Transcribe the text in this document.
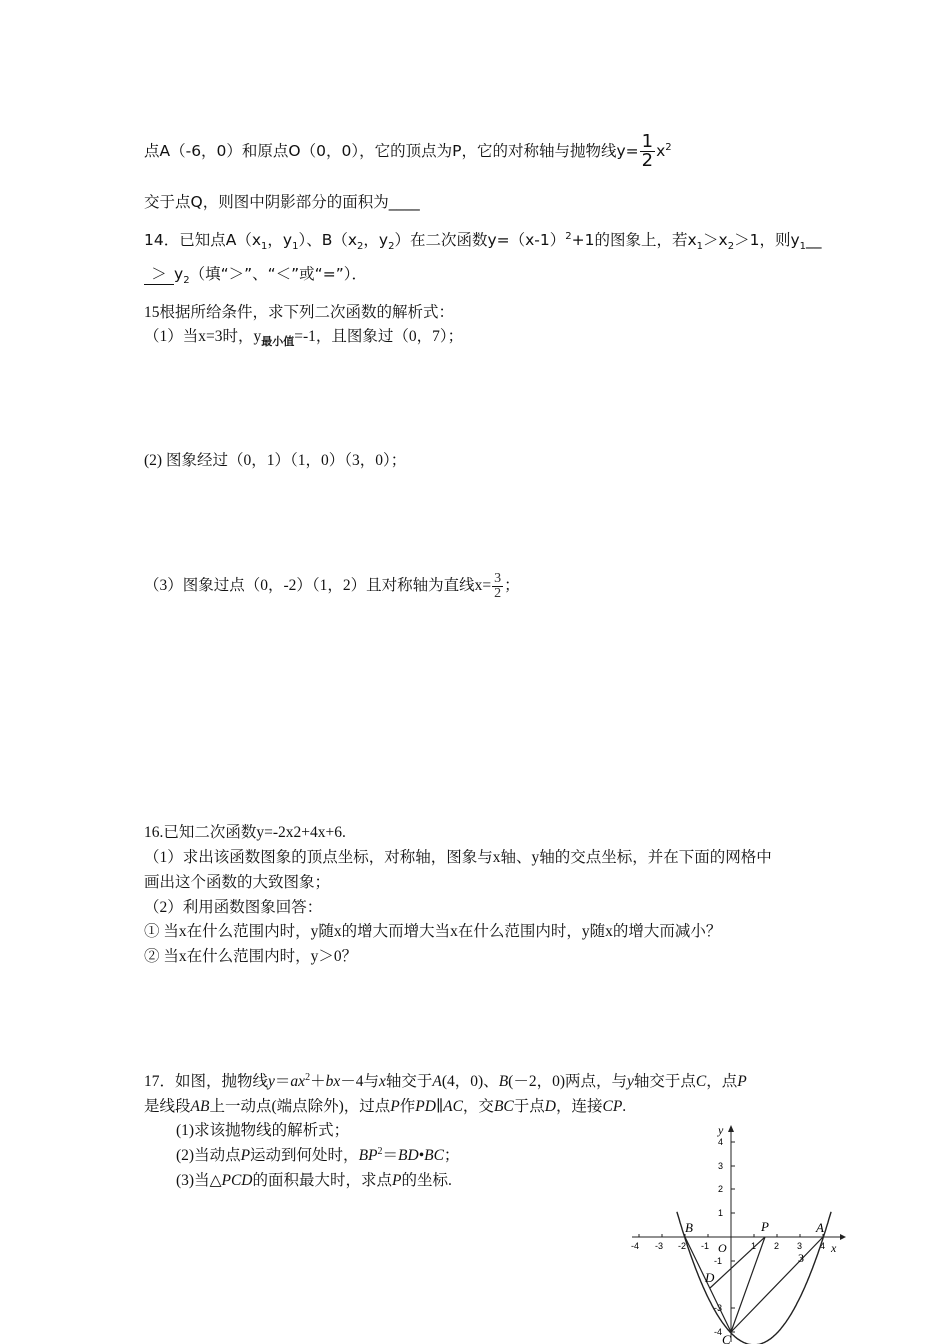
点A（-6，0）和原点O（0，0），它的顶点为P，它的对称轴与抛物线$y= \frac{1}{2} x^2$
交于点Q，则图中阴影部分的面积为____
14．已知点$A(x_1$，$y_1$）、$B(x_2$，$y_2$）在二次函数$y=(x-1)^2+1$的图象上，若$x_1>x_2>1$，则$y_1\_\_$
＞ $y_2$（填“＞”、“＜”或“=”）．
15根据所给条件，求下列二次函数的解析式：
（1）当x=3时，$y_{最小值}=-1$，且图象过（0，7）；
(2) 图象经过（0，1）（1，0）（3，0）；
（3）图象过点（0，-2）（1，2）且对称轴为直线$x= \frac{3}{2}$ ；
16.已知二次函数y=-2x2+4x+6.
（1）求出该函数图象的顶点坐标，对称轴，图象与x轴、y轴的交点坐标，并在下面的网格中
画出这个函数的大致图象；
（2）利用函数图象回答：
① 当x在什么范围内时，y随x的增大而增大当x在什么范围内时，y随x的增大而减小？
② 当x在什么范围内时，y＞0？
17．如图，抛物线$y=ax^2+bx-4$与x轴交于A(4，0)、B(－2，0)两点，与y轴交于点C，点P
是线段AB上一动点(端点除外)，过点P作PD∥AC，交BC于点D，连接CP.
(1)求该抛物线的解析式；
(2)当动点P运动到何处时，$BP^2=BD•BC$；
(3)当△PCD的面积最大时，求点P的坐标.
y
x
O
-4 -3 -2 -1	1 2 3 4
4
3
2
1
-1
-3
-4
B	P	A
D
C
3
